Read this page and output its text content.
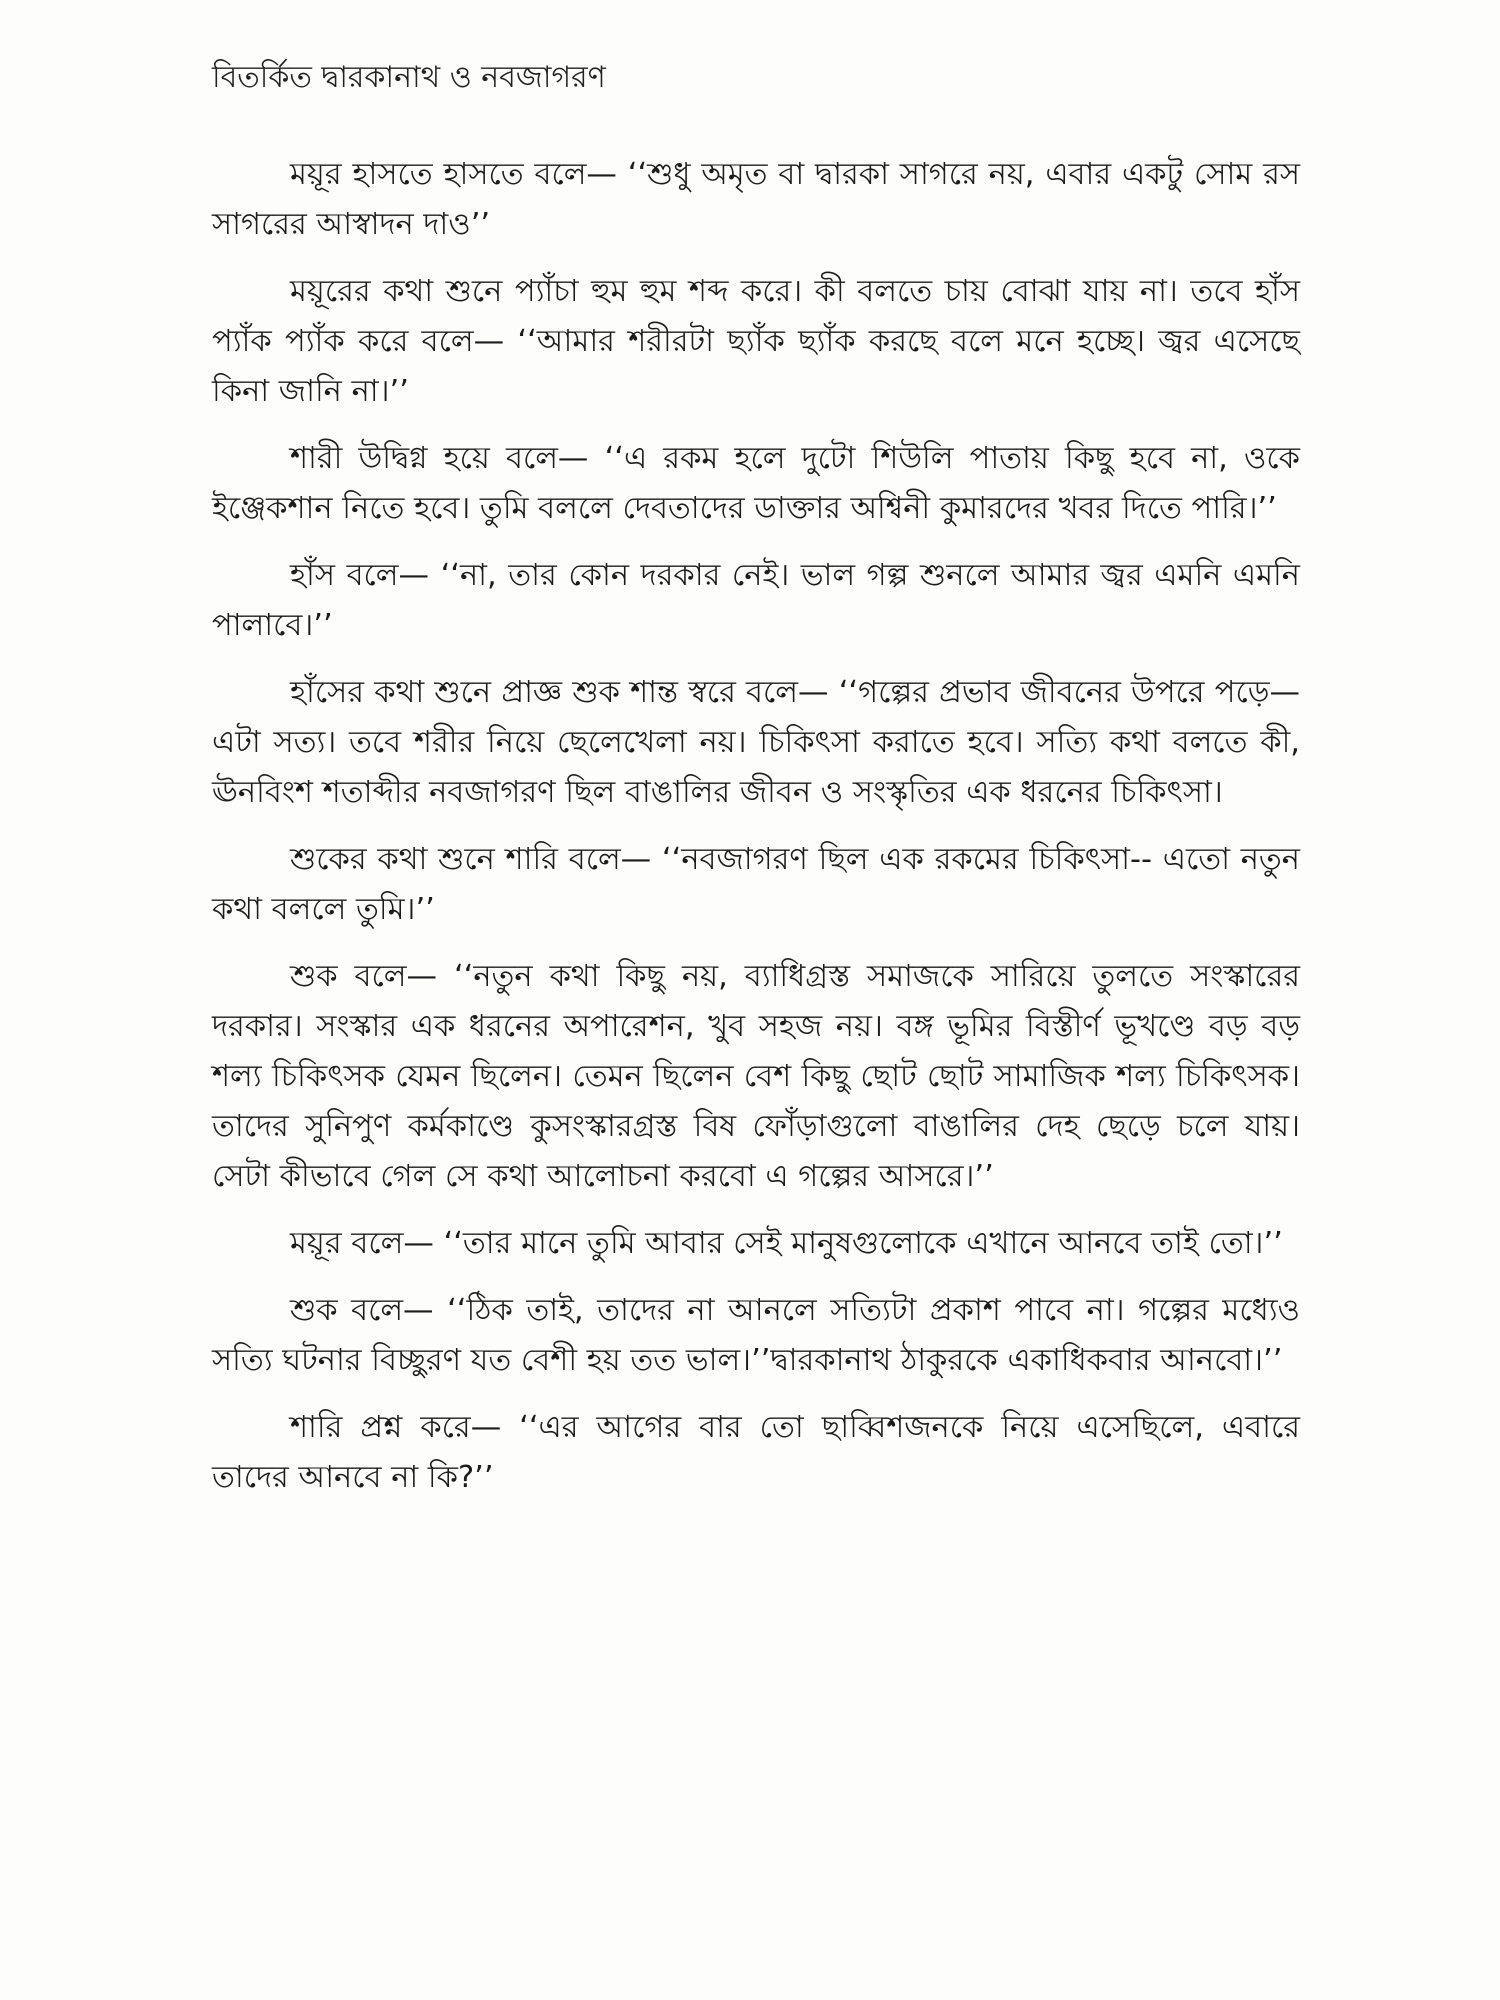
বিতর্কিত দ্বারকানাথ ও নবজাগরণ

ময়ূর হাসতে হাসতে বলে— ‘‘শুধু অমৃত বা দ্বারকা সাগরে নয়, এবার একটু সোম রস সাগরের আস্বাদন দাও’’

ময়ূরের কথা শুনে প্যাঁচা হুম হুম শব্দ করে। কী বলতে চায় বোঝা যায় না। তবে হাঁস প্যাঁক প্যাঁক করে বলে— ‘‘আমার শরীরটা ছ্যাঁক ছ্যাঁক করছে বলে মনে হচ্ছে। জ্বর এসেছে কিনা জানি না।’’

শারী উদ্বিগ্ন হয়ে বলে— ‘‘এ রকম হলে দুটো শিউলি পাতায় কিছু হবে না, ওকে ইঞ্জেকশান নিতে হবে। তুমি বললে দেবতাদের ডাক্তার অশ্বিনী কুমারদের খবর দিতে পারি।’’

হাঁস বলে— ‘‘না, তার কোন দরকার নেই। ভাল গল্প শুনলে আমার জ্বর এমনি এমনি পালাবে।’’

হাঁসের কথা শুনে প্রাজ্ঞ শুক শান্ত স্বরে বলে— ‘‘গল্পের প্রভাব জীবনের উপরে পড়ে—এটা সত্য। তবে শরীর নিয়ে ছেলেখেলা নয়। চিকিৎসা করাতে হবে। সত্যি কথা বলতে কী, ঊনবিংশ শতাব্দীর নবজাগরণ ছিল বাঙালির জীবন ও সংস্কৃতির এক ধরনের চিকিৎসা।

শুকের কথা শুনে শারি বলে— ‘‘নবজাগরণ ছিল এক রকমের চিকিৎসা-- এতো নতুন কথা বললে তুমি।’’

শুক বলে— ‘‘নতুন কথা কিছু নয়, ব্যাধিগ্রস্ত সমাজকে সারিয়ে তুলতে সংস্কারের দরকার। সংস্কার এক ধরনের অপারেশন, খুব সহজ নয়। বঙ্গ ভূমির বিস্তীর্ণ ভূখণ্ডে বড় বড় শল্য চিকিৎসক যেমন ছিলেন। তেমন ছিলেন বেশ কিছু ছোট ছোট সামাজিক শল্য চিকিৎসক। তাদের সুনিপুণ কর্মকাণ্ডে কুসংস্কারগ্রস্ত বিষ ফোঁড়াগুলো বাঙালির দেহ ছেড়ে চলে যায়। সেটা কীভাবে গেল সে কথা আলোচনা করবো এ গল্পের আসরে।’’

ময়ূর বলে— ‘‘তার মানে তুমি আবার সেই মানুষগুলোকে এখানে আনবে তাই তো।’’

শুক বলে— ‘‘ঠিক তাই, তাদের না আনলে সত্যিটা প্রকাশ পাবে না। গল্পের মধ্যেও সত্যি ঘটনার বিচ্ছুরণ যত বেশী হয় তত ভাল।’’দ্বারকানাথ ঠাকুরকে একাধিকবার আনবো।’’

শারি প্রশ্ন করে— ‘‘এর আগের বার তো ছাব্বিশজনকে নিয়ে এসেছিলে, এবারে তাদের আনবে না কি?’’
